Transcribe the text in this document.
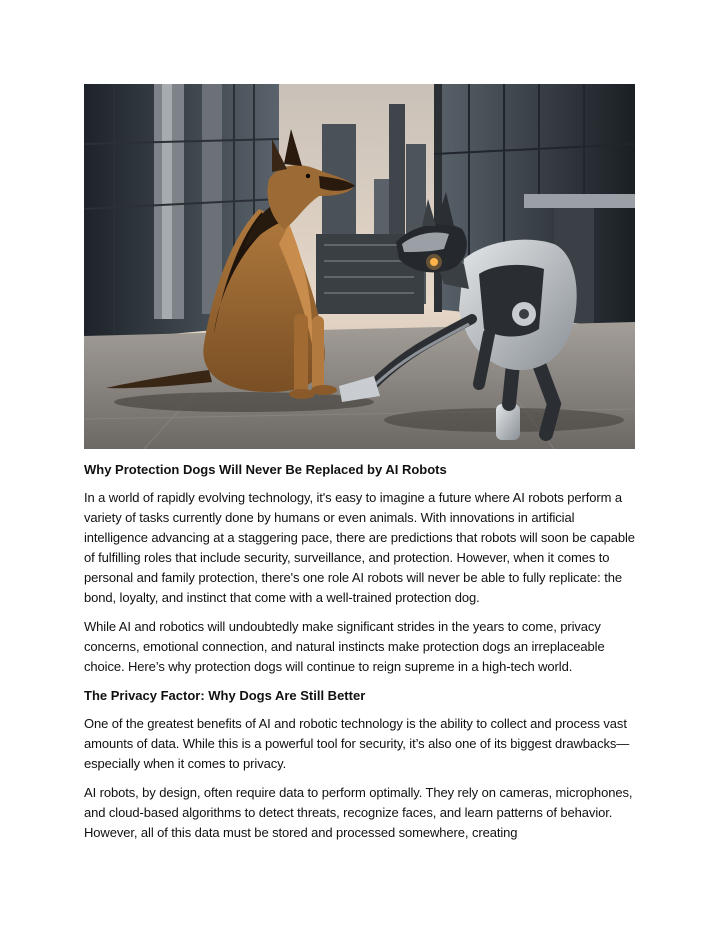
Why Protection Dogs Will Never Be Replaced by AI Robots
In a world of rapidly evolving technology, it's easy to imagine a future where AI robots perform a variety of tasks currently done by humans or even animals. With innovations in artificial intelligence advancing at a staggering pace, there are predictions that robots will soon be capable of fulfilling roles that include security, surveillance, and protection. However, when it comes to personal and family protection, there's one role AI robots will never be able to fully replicate: the bond, loyalty, and instinct that come with a well-trained protection dog.
While AI and robotics will undoubtedly make significant strides in the years to come, privacy concerns, emotional connection, and natural instincts make protection dogs an irreplaceable choice. Here’s why protection dogs will continue to reign supreme in a high-tech world.
The Privacy Factor: Why Dogs Are Still Better
One of the greatest benefits of AI and robotic technology is the ability to collect and process vast amounts of data. While this is a powerful tool for security, it’s also one of its biggest drawbacks—especially when it comes to privacy.
AI robots, by design, often require data to perform optimally. They rely on cameras, microphones, and cloud-based algorithms to detect threats, recognize faces, and learn patterns of behavior. However, all of this data must be stored and processed somewhere, creating
